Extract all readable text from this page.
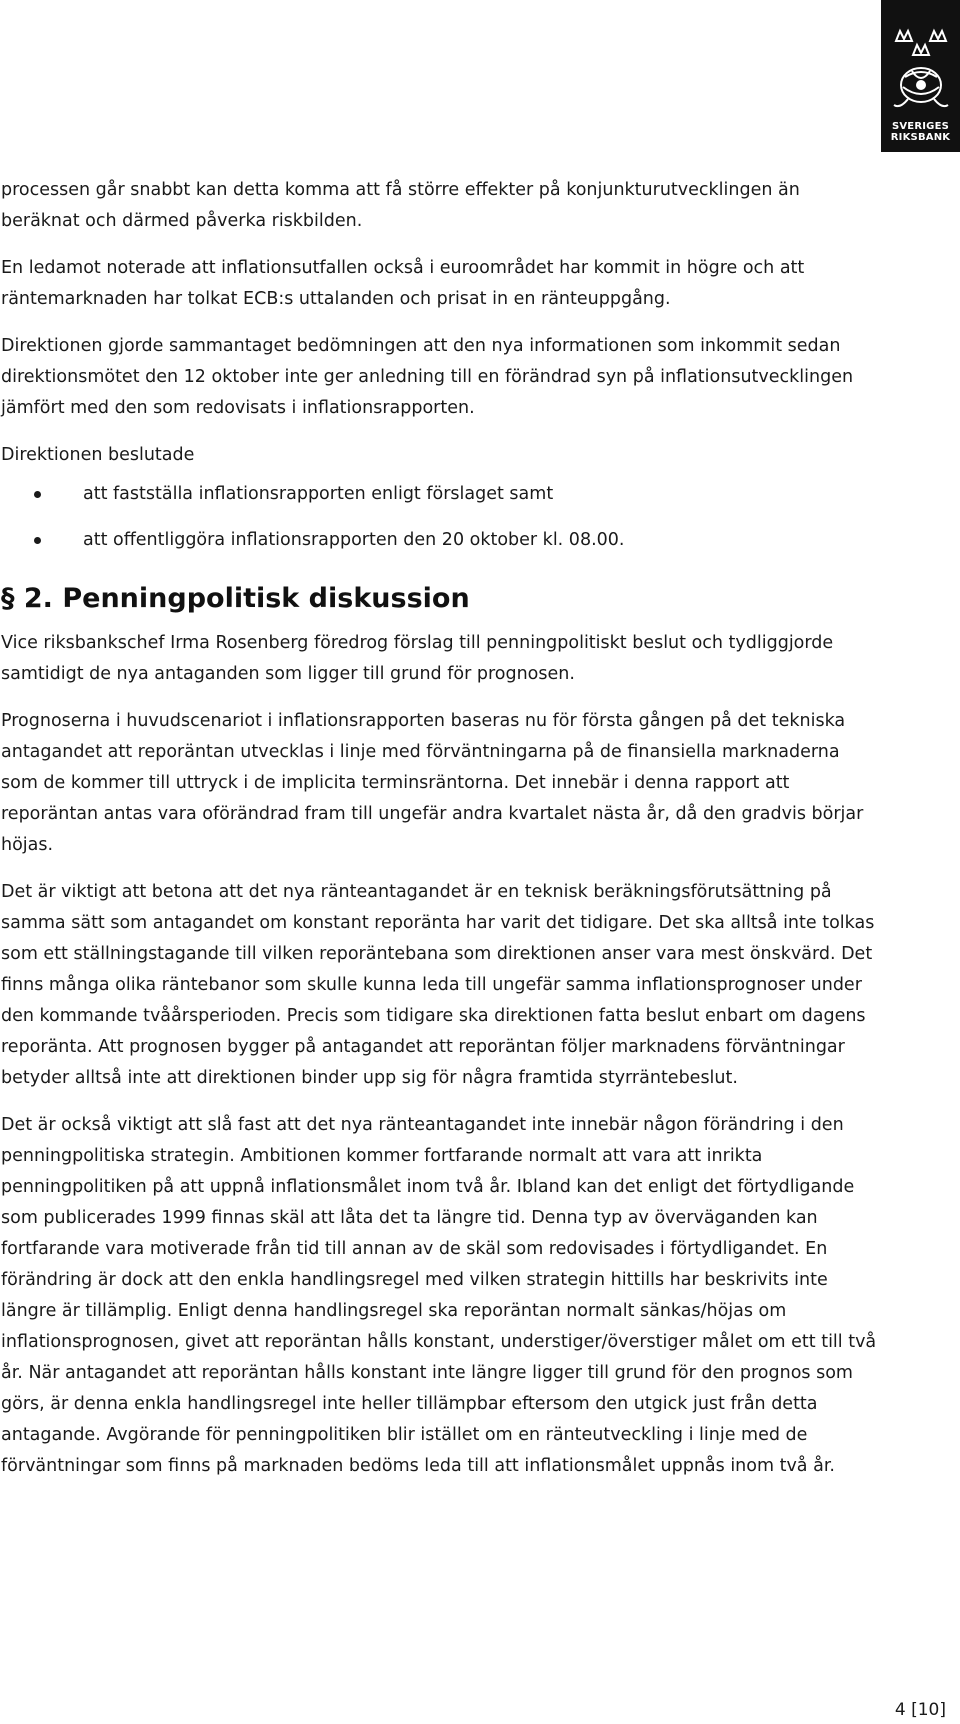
SVERIGES
RIKSBANK

processen går snabbt kan detta komma att få större effekter på konjunkturutvecklingen än beräknat och därmed påverka riskbilden.

En ledamot noterade att inflationsutfallen också i euroområdet har kommit in högre och att räntemarknaden har tolkat ECB:s uttalanden och prisat in en ränteuppgång.

Direktionen gjorde sammantaget bedömningen att den nya informationen som inkommit sedan direktionsmötet den 12 oktober inte ger anledning till en förändrad syn på inflationsutvecklingen jämfört med den som redovisats i inflationsrapporten.

Direktionen beslutade

att fastställa inflationsrapporten enligt förslaget samt
att offentliggöra inflationsrapporten den 20 oktober kl. 08.00.
§ 2. Penningpolitisk diskussion

Vice riksbankschef Irma Rosenberg föredrog förslag till penningpolitiskt beslut och tydliggjorde samtidigt de nya antaganden som ligger till grund för prognosen.

Prognoserna i huvudscenariot i inflationsrapporten baseras nu för första gången på det tekniska antagandet att reporäntan utvecklas i linje med förväntningarna på de finansiella marknaderna som de kommer till uttryck i de implicita terminsräntorna. Det innebär i denna rapport att reporäntan antas vara oförändrad fram till ungefär andra kvartalet nästa år, då den gradvis börjar höjas.

Det är viktigt att betona att det nya ränteantagandet är en teknisk beräkningsförutsättning på samma sätt som antagandet om konstant reporänta har varit det tidigare. Det ska alltså inte tolkas som ett ställningstagande till vilken reporäntebana som direktionen anser vara mest önskvärd. Det finns många olika räntebanor som skulle kunna leda till ungefär samma inflationsprognoser under den kommande tvåårsperioden. Precis som tidigare ska direktionen fatta beslut enbart om dagens reporänta. Att prognosen bygger på antagandet att reporäntan följer marknadens förväntningar betyder alltså inte att direktionen binder upp sig för några framtida styrräntebeslut.

Det är också viktigt att slå fast att det nya ränteantagandet inte innebär någon förändring i den penningpolitiska strategin. Ambitionen kommer fortfarande normalt att vara att inrikta penningpolitiken på att uppnå inflationsmålet inom två år. Ibland kan det enligt det förtydligande som publicerades 1999 finnas skäl att låta det ta längre tid. Denna typ av överväganden kan fortfarande vara motiverade från tid till annan av de skäl som redovisades i förtydligandet. En förändring är dock att den enkla handlingsregel med vilken strategin hittills har beskrivits inte längre är tillämplig. Enligt denna handlingsregel ska reporäntan normalt sänkas/höjas om inflationsprognosen, givet att reporäntan hålls konstant, understiger/överstiger målet om ett till två år. När antagandet att reporäntan hålls konstant inte längre ligger till grund för den prognos som görs, är denna enkla handlingsregel inte heller tillämpbar eftersom den utgick just från detta antagande. Avgörande för penningpolitiken blir istället om en ränteutveckling i linje med de förväntningar som finns på marknaden bedöms leda till att inflationsmålet uppnås inom två år.

4 [10]
